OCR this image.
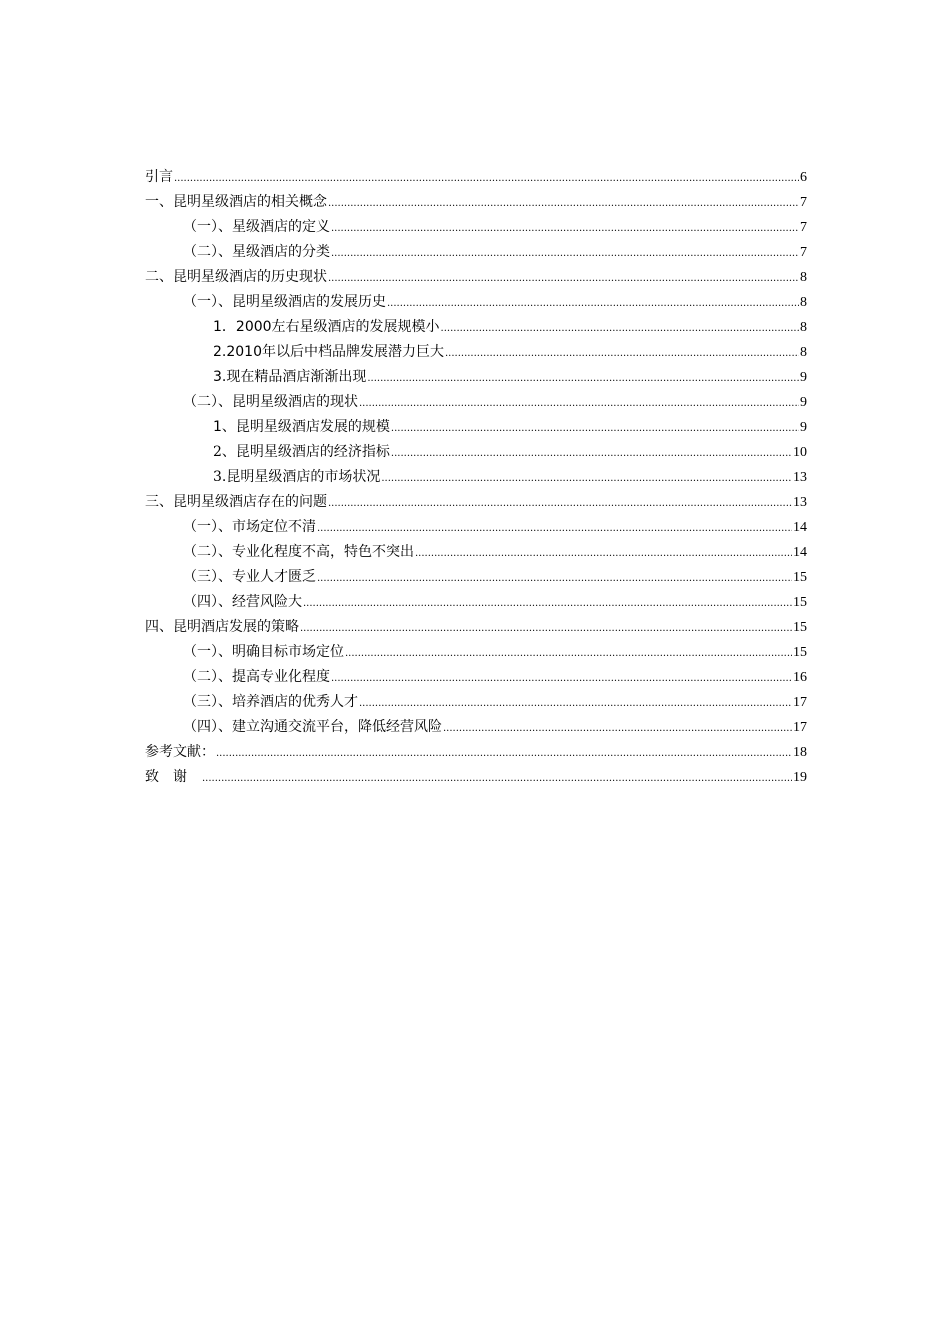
引言 .....	6
一、昆明星级酒店的相关概念 .....	7
（一）、星级酒店的定义 .....	7
（二）、星级酒店的分类 .....	7
二、昆明星级酒店的历史现状 .....	8
（一）、昆明星级酒店的发展历史 .....	8
1．2000左右星级酒店的发展规模小 .....	8
2.2010年以后中档品牌发展潜力巨大 .....	8
3.现在精品酒店渐渐出现 .....	9
（二）、昆明星级酒店的现状 .....	9
1、昆明星级酒店发展的规模 .....	9
2、昆明星级酒店的经济指标 .....	10
3.昆明星级酒店的市场状况 .....	13
三、昆明星级酒店存在的问题 .....	13
（一）、市场定位不清 .....	14
（二）、专业化程度不高，特色不突出 .....	14
（三）、专业人才匮乏 .....	15
（四）、经营风险大 .....	15
四、昆明酒店发展的策略 .....	15
（一）、明确目标市场定位 .....	15
（二）、提高专业化程度 .....	16
（三）、培养酒店的优秀人才 .....	17
（四）、建立沟通交流平台，降低经营风险 .....	17
参考文献： .....	18
致谢 .....	19
